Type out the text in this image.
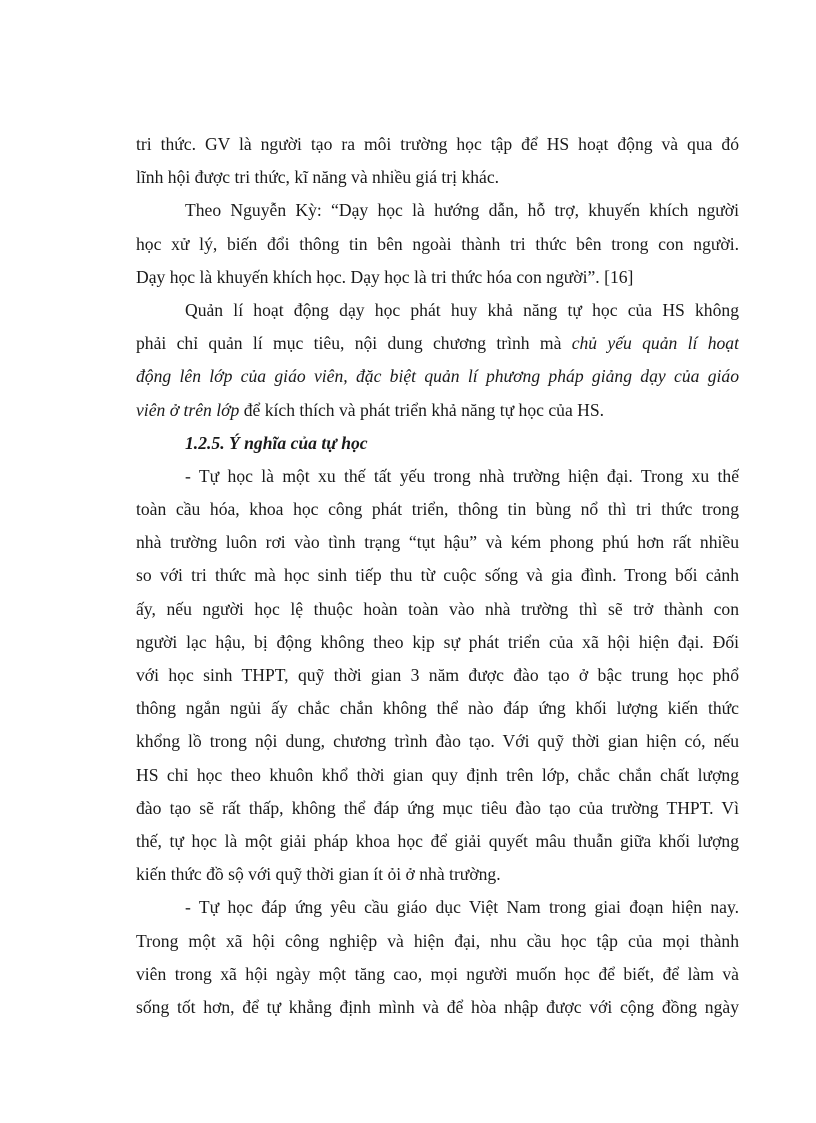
tri thức. GV là người tạo ra môi trường học tập để HS hoạt động và qua đó
lĩnh hội được tri thức, kĩ năng và nhiều giá trị khác.
Theo Nguyễn Kỳ: “Dạy học là hướng dẫn, hỗ trợ, khuyến khích người
học xử lý, biến đổi thông tin bên ngoài thành tri thức bên trong con người.
Dạy học là khuyến khích học. Dạy học là tri thức hóa con người”. [16]
Quản lí hoạt động dạy học phát huy khả năng tự học của HS không
phải chỉ quản lí mục tiêu, nội dung chương trình mà chủ yếu quản lí hoạt
động lên lớp của giáo viên, đặc biệt quản lí phương pháp giảng dạy của giáo
viên ở trên lớp để kích thích và phát triển khả năng tự học của HS.
1.2.5. Ý nghĩa của tự học
- Tự học là một xu thế tất yếu trong nhà trường hiện đại. Trong xu thế
toàn cầu hóa, khoa học công phát triển, thông tin bùng nổ thì tri thức trong
nhà trường luôn rơi vào tình trạng “tụt hậu” và kém phong phú hơn rất nhiều
so với tri thức mà học sinh tiếp thu từ cuộc sống và gia đình. Trong bối cảnh
ấy, nếu người học lệ thuộc hoàn toàn vào nhà trường thì sẽ trở thành con
người lạc hậu, bị động không theo kịp sự phát triển của xã hội hiện đại. Đối
với học sinh THPT, quỹ thời gian 3 năm được đào tạo ở bậc trung học phổ
thông ngắn ngủi ấy chắc chắn không thể nào đáp ứng khối lượng kiến thức
khổng lồ trong nội dung, chương trình đào tạo. Với quỹ thời gian hiện có, nếu
HS chỉ học theo khuôn khổ thời gian quy định trên lớp, chắc chắn chất lượng
đào tạo sẽ rất thấp, không thể đáp ứng mục tiêu đào tạo của trường THPT. Vì
thế, tự học là một giải pháp khoa học để giải quyết mâu thuẫn giữa khối lượng
kiến thức đồ sộ với quỹ thời gian ít ỏi ở nhà trường.
- Tự học đáp ứng yêu cầu giáo dục Việt Nam trong giai đoạn hiện nay.
Trong một xã hội công nghiệp và hiện đại, nhu cầu học tập của mọi thành
viên trong xã hội ngày một tăng cao, mọi người muốn học để biết, để làm và
sống tốt hơn, để tự khẳng định mình và để hòa nhập được với cộng đồng ngày
